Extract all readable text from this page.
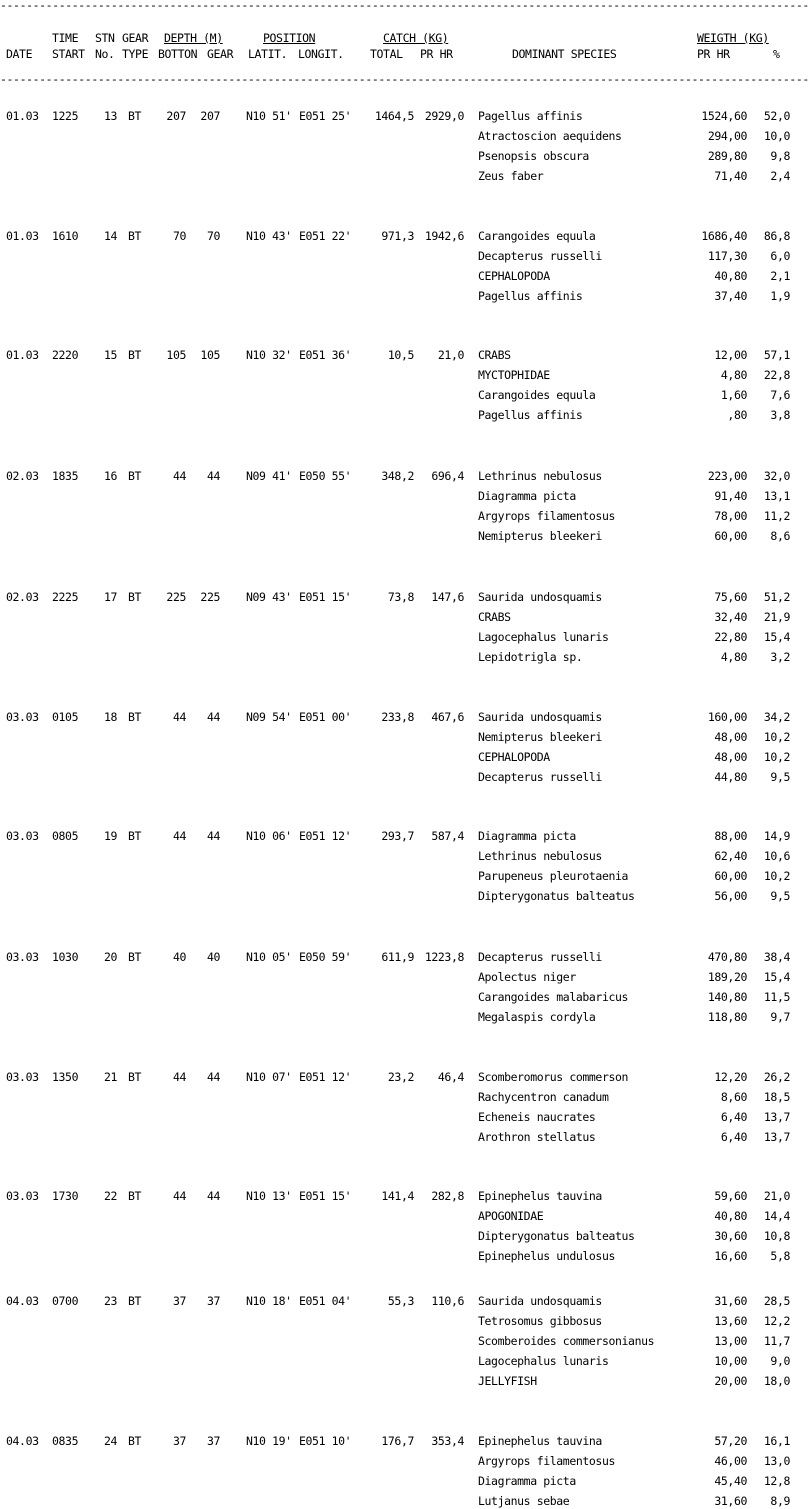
----------------------------------------------------------------------------------------------------------------------------
TIME STN GEAR DEPTH (M)	POSITION	CATCH (KG)	WEIGTH (KG)
DATE START No. TYPE BOTTON GEAR LATIT. LONGIT. TOTAL PR HR	DOMINANT SPECIES	PR HR	%
----------------------------------------------------------------------------------------------------------------------------
01.03 1225 13 BT 207 207 N10 51' E051 25' 1464,5 2929,0 Pagellus affinis	1524,60 52,0
Atractoscion aequidens	294,00 10,0
Psenopsis obscura	289,80 9,8
Zeus faber	71,40 2,4
01.03 1610 14 BT	70 70 N10 43' E051 22'	971,3 1942,6 Carangoides equula	1686,40 86,8
Decapterus russelli	117,30 6,0
CEPHALOPODA	40,80 2,1
Pagellus affinis	37,40 1,9
01.03 2220 15 BT 105 105 N10 32' E051 36'	10,5 21,0 CRABS	12,00 57,1
MYCTOPHIDAE	4,80 22,8
Carangoides equula	1,60 7,6
Pagellus affinis	,80 3,8
02.03 1835 16 BT	44 44 N09 41' E050 55'	348,2 696,4 Lethrinus nebulosus	223,00 32,0
Diagramma picta	91,40 13,1
Argyrops filamentosus	78,00 11,2
Nemipterus bleekeri	60,00 8,6
02.03 2225 17 BT 225 225 N09 43' E051 15'	73,8 147,6 Saurida undosquamis	75,60 51,2
CRABS	32,40 21,9
Lagocephalus lunaris	22,80 15,4
Lepidotrigla sp.	4,80 3,2
03.03 0105 18 BT	44 44 N09 54' E051 00'	233,8 467,6 Saurida undosquamis	160,00 34,2
Nemipterus bleekeri	48,00 10,2
CEPHALOPODA	48,00 10,2
Decapterus russelli	44,80 9,5
03.03 0805 19 BT	44 44 N10 06' E051 12'	293,7 587,4 Diagramma picta	88,00 14,9
Lethrinus nebulosus	62,40 10,6
Parupeneus pleurotaenia	60,00 10,2
Dipterygonatus balteatus	56,00 9,5
03.03 1030 20 BT	40 40 N10 05' E050 59'	611,9 1223,8 Decapterus russelli	470,80 38,4
Apolectus niger	189,20 15,4
Carangoides malabaricus	140,80 11,5
Megalaspis cordyla	118,80 9,7
03.03 1350 21 BT	44 44 N10 07' E051 12'	23,2 46,4 Scomberomorus commerson	12,20 26,2
Rachycentron canadum	8,60 18,5
Echeneis naucrates	6,40 13,7
Arothron stellatus	6,40 13,7
03.03 1730 22 BT	44 44 N10 13' E051 15'	141,4 282,8 Epinephelus tauvina	59,60 21,0
APOGONIDAE	40,80 14,4
Dipterygonatus balteatus	30,60 10,8
Epinephelus undulosus	16,60 5,8
04.03 0700 23 BT	37 37 N10 18' E051 04'	55,3 110,6 Saurida undosquamis	31,60 28,5
Tetrosomus gibbosus	13,60 12,2
Scomberoides commersonianus	13,00 11,7
Lagocephalus lunaris	10,00 9,0
JELLYFISH	20,00 18,0
04.03 0835 24 BT	37 37 N10 19' E051 10'	176,7 353,4 Epinephelus tauvina	57,20 16,1
Argyrops filamentosus	46,00 13,0
Diagramma picta	45,40 12,8
Lutjanus sebae	31,60 8,9
